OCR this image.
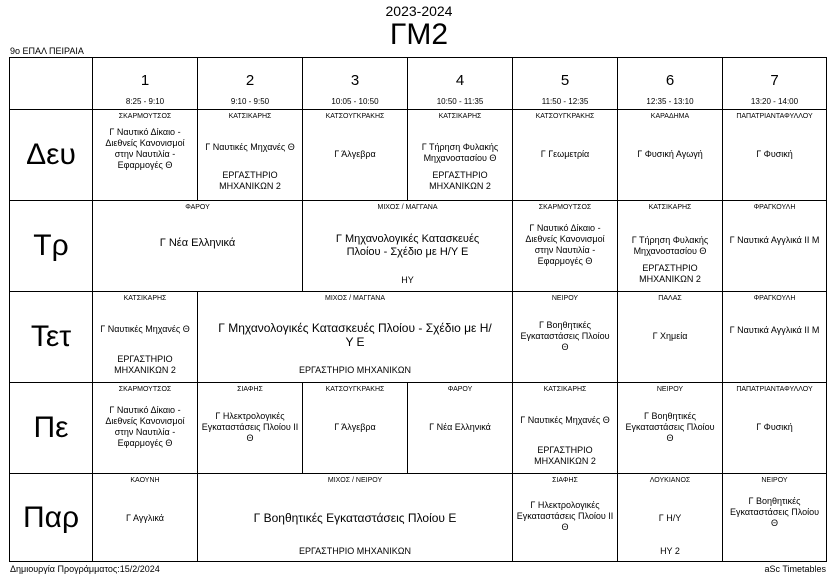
2023-2024
ΓΜ2
9ο ΕΠΑΛ ΠΕΙΡΑΙΑ
1
8:25 - 9:10
2
9:10 - 9:50
3
10:05 - 10:50
4
10:50 - 11:35
5
11:50 - 12:35
6
12:35 - 13:10
7
13:20 - 14:00
Δευ
ΣΚΑΡΜΟΥΤΣΟΣ
Γ Ναυτικό Δίκαιο - Διεθνείς Κανονισμοί στην Ναυτιλία - Εφαρμογές Θ
ΚΑΤΣΙΚΑΡΗΣ
Γ Ναυτικές Μηχανές Θ
ΕΡΓΑΣΤΗΡΙΟ ΜΗΧΑΝΙΚΩΝ 2
ΚΑΤΣΟΥΓΚΡΑΚΗΣ
Γ Άλγεβρα
ΚΑΤΣΙΚΑΡΗΣ
Γ Τήρηση Φυλακής Μηχανοστασίου Θ
ΕΡΓΑΣΤΗΡΙΟ ΜΗΧΑΝΙΚΩΝ 2
ΚΑΤΣΟΥΓΚΡΑΚΗΣ
Γ Γεωμετρία
ΚΑΡΑΔΗΜΑ
Γ Φυσική Αγωγή
ΠΑΠΑΤΡΙΑΝΤΑΦΥΛΛΟΥ
Γ Φυσική
Τρ
ΦΑΡΟΥ
Γ Νέα Ελληνικά
ΜΙΧΟΣ / ΜΑΓΓΑΝΑ
Γ Μηχανολογικές Κατασκευές Πλοίου - Σχέδιο με Η/Υ Ε
ΗΥ
ΣΚΑΡΜΟΥΤΣΟΣ
Γ Ναυτικό Δίκαιο - Διεθνείς Κανονισμοί στην Ναυτιλία - Εφαρμογές Θ
ΚΑΤΣΙΚΑΡΗΣ
Γ Τήρηση Φυλακής Μηχανοστασίου Θ
ΕΡΓΑΣΤΗΡΙΟ ΜΗΧΑΝΙΚΩΝ 2
ΦΡΑΓΚΟΥΛΗ
Γ Ναυτικά Αγγλικά ΙΙ Μ
Τετ
ΚΑΤΣΙΚΑΡΗΣ
Γ Ναυτικές Μηχανές Θ
ΕΡΓΑΣΤΗΡΙΟ ΜΗΧΑΝΙΚΩΝ 2
ΜΙΧΟΣ / ΜΑΓΓΑΝΑ
Γ Μηχανολογικές Κατασκευές Πλοίου - Σχέδιο με Η/Υ Ε
ΕΡΓΑΣΤΗΡΙΟ ΜΗΧΑΝΙΚΩΝ
ΝΕΙΡΟΥ
Γ Βοηθητικές Εγκαταστάσεις Πλοίου Θ
ΠΑΛΑΣ
Γ Χημεία
ΦΡΑΓΚΟΥΛΗ
Γ Ναυτικά Αγγλικά ΙΙ Μ
Πε
ΣΚΑΡΜΟΥΤΣΟΣ
Γ Ναυτικό Δίκαιο - Διεθνείς Κανονισμοί στην Ναυτιλία - Εφαρμογές Θ
ΣΙΑΦΗΣ
Γ Ηλεκτρολογικές Εγκαταστάσεις Πλοίου ΙΙ Θ
ΚΑΤΣΟΥΓΚΡΑΚΗΣ
Γ Άλγεβρα
ΦΑΡΟΥ
Γ Νέα Ελληνικά
ΚΑΤΣΙΚΑΡΗΣ
Γ Ναυτικές Μηχανές Θ
ΕΡΓΑΣΤΗΡΙΟ ΜΗΧΑΝΙΚΩΝ 2
ΝΕΙΡΟΥ
Γ Βοηθητικές Εγκαταστάσεις Πλοίου Θ
ΠΑΠΑΤΡΙΑΝΤΑΦΥΛΛΟΥ
Γ Φυσική
Παρ
ΚΑΟΥΝΗ
Γ Αγγλικά
ΜΙΧΟΣ / ΝΕΙΡΟΥ
Γ Βοηθητικές Εγκαταστάσεις Πλοίου Ε
ΕΡΓΑΣΤΗΡΙΟ ΜΗΧΑΝΙΚΩΝ
ΣΙΑΦΗΣ
Γ Ηλεκτρολογικές Εγκαταστάσεις Πλοίου ΙΙ Θ
ΛΟΥΚΙΑΝΟΣ
Γ Η/Υ
ΗΥ 2
ΝΕΙΡΟΥ
Γ Βοηθητικές Εγκαταστάσεις Πλοίου Θ
Δημιουργία Προγράμματος:15/2/2024	aSc Timetables
